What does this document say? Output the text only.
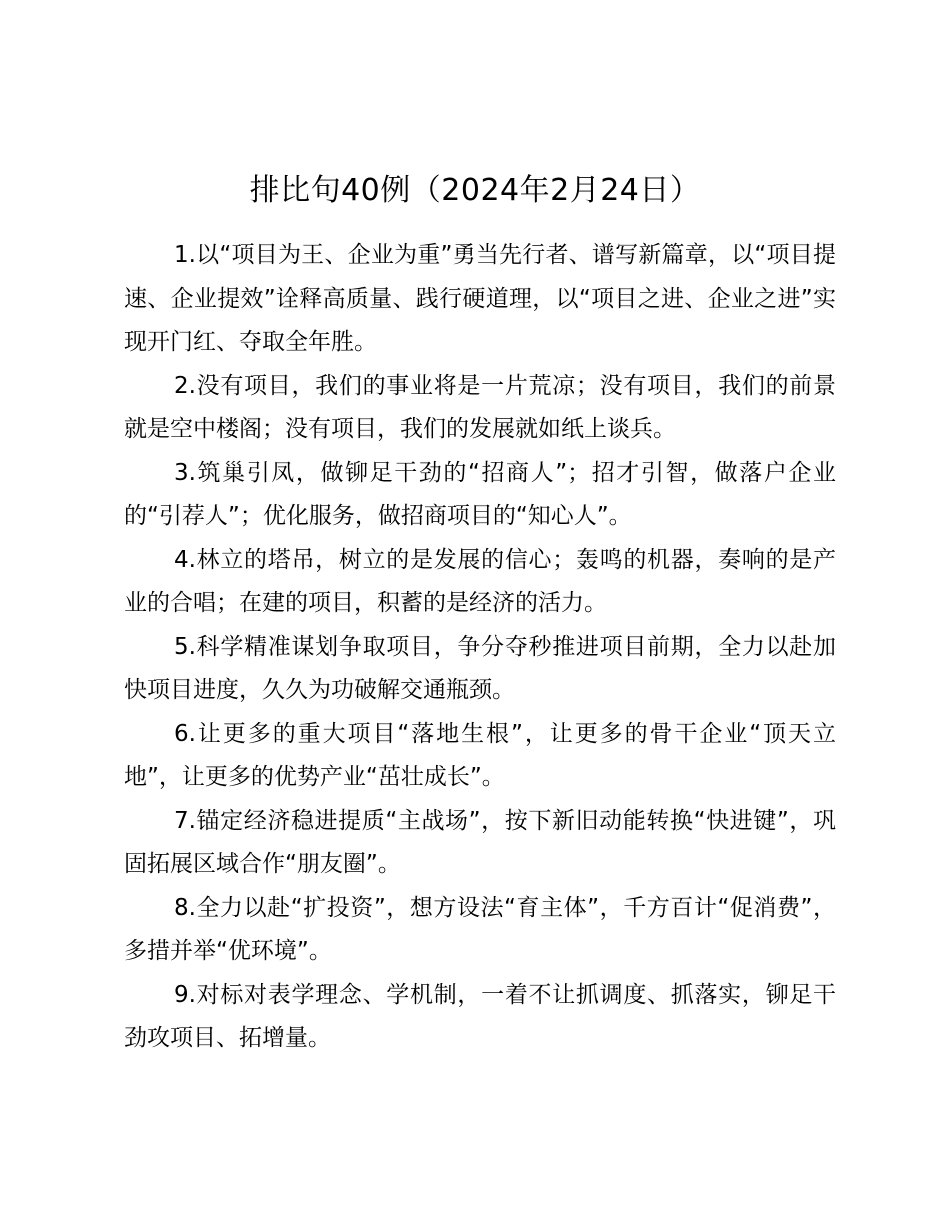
排比句40例（2024年2月24日）

1.以“项目为王、企业为重”勇当先行者、谱写新篇章，以“项目提速、企业提效”诠释高质量、践行硬道理，以“项目之进、企业之进”实现开门红、夺取全年胜。

2.没有项目，我们的事业将是一片荒凉；没有项目，我们的前景就是空中楼阁；没有项目，我们的发展就如纸上谈兵。

3.筑巢引凤，做铆足干劲的“招商人”；招才引智，做落户企业的“引荐人”；优化服务，做招商项目的“知心人”。

4.林立的塔吊，树立的是发展的信心；轰鸣的机器，奏响的是产业的合唱；在建的项目，积蓄的是经济的活力。

5.科学精准谋划争取项目，争分夺秒推进项目前期，全力以赴加快项目进度，久久为功破解交通瓶颈。

6.让更多的重大项目“落地生根”，让更多的骨干企业“顶天立地”，让更多的优势产业“茁壮成长”。

7.锚定经济稳进提质“主战场”，按下新旧动能转换“快进键”，巩固拓展区域合作“朋友圈”。

8.全力以赴“扩投资”，想方设法“育主体”，千方百计“促消费”，多措并举“优环境”。

9.对标对表学理念、学机制，一着不让抓调度、抓落实，铆足干劲攻项目、拓增量。
